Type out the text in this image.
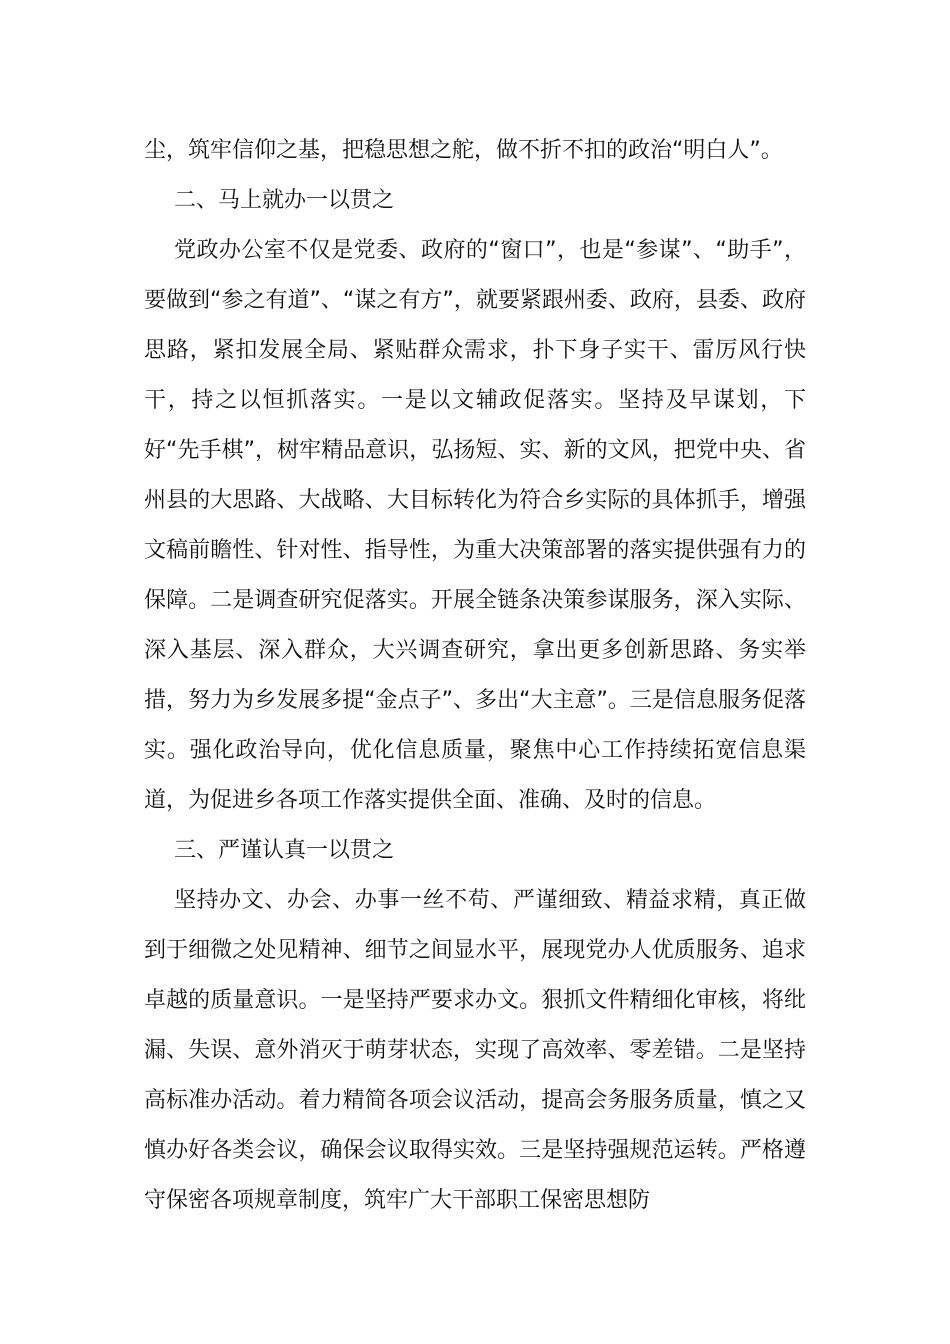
尘，筑牢信仰之基，把稳思想之舵，做不折不扣的政治“明白人”。

二、马上就办一以贯之

党政办公室不仅是党委、政府的“窗口”，也是“参谋”、“助手”，要做到“参之有道”、“谋之有方”，就要紧跟州委、政府，县委、政府思路，紧扣发展全局、紧贴群众需求，扑下身子实干、雷厉风行快干，持之以恒抓落实。一是以文辅政促落实。坚持及早谋划，下好“先手棋”，树牢精品意识，弘扬短、实、新的文风，把党中央、省州县的大思路、大战略、大目标转化为符合乡实际的具体抓手，增强文稿前瞻性、针对性、指导性，为重大决策部署的落实提供强有力的保障。二是调查研究促落实。开展全链条决策参谋服务，深入实际、深入基层、深入群众，大兴调查研究，拿出更多创新思路、务实举措，努力为乡发展多提“金点子”、多出“大主意”。三是信息服务促落实。强化政治导向，优化信息质量，聚焦中心工作持续拓宽信息渠道，为促进乡各项工作落实提供全面、准确、及时的信息。

三、严谨认真一以贯之

坚持办文、办会、办事一丝不苟、严谨细致、精益求精，真正做到于细微之处见精神、细节之间显水平，展现党办人优质服务、追求卓越的质量意识。一是坚持严要求办文。狠抓文件精细化审核，将纰漏、失误、意外消灭于萌芽状态，实现了高效率、零差错。二是坚持高标准办活动。着力精简各项会议活动，提高会务服务质量，慎之又慎办好各类会议，确保会议取得实效。三是坚持强规范运转。严格遵守保密各项规章制度，筑牢广大干部职工保密思想防
